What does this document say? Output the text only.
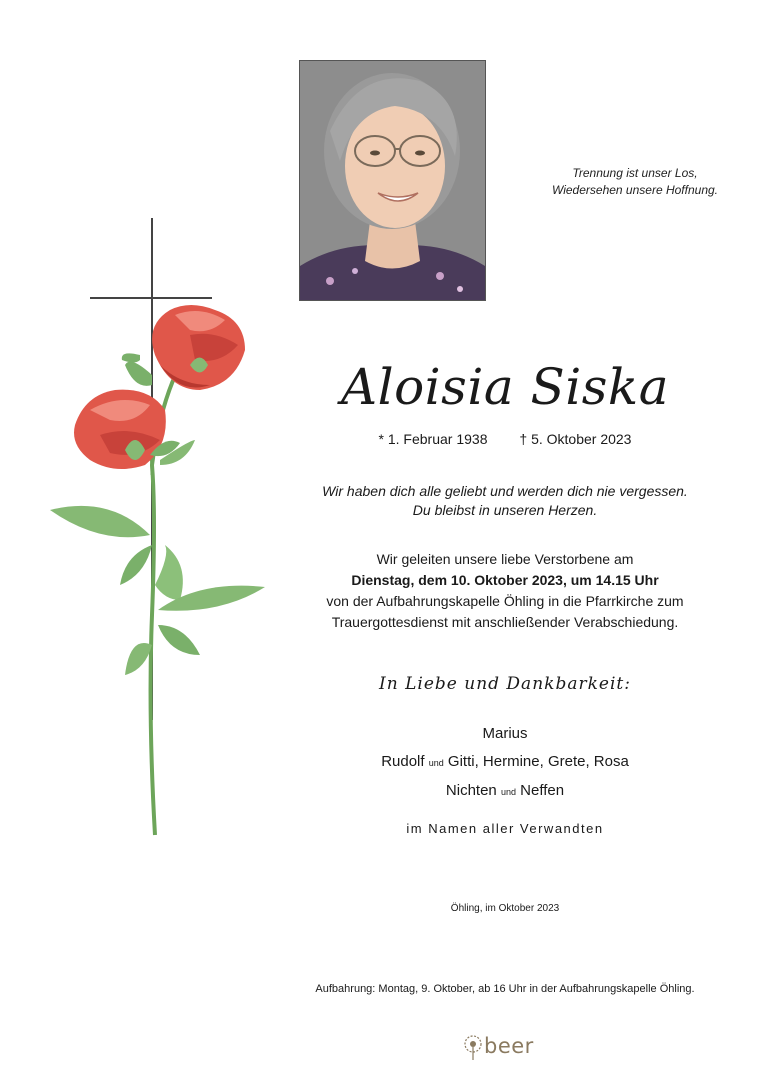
Trennung ist unser Los,
Wiedersehen unsere Hoffnung.
Aloisia Siska
* 1. Februar 1938 † 5. Oktober 2023
Wir haben dich alle geliebt und werden dich nie vergessen.
Du bleibst in unseren Herzen.
Wir geleiten unsere liebe Verstorbene am
Dienstag, dem 10. Oktober 2023, um 14.15 Uhr
von der Aufbahrungskapelle Öhling in die Pfarrkirche zum
Trauergottesdienst mit anschließender Verabschiedung.
In Liebe und Dankbarkeit:
Marius
Rudolf und Gitti, Hermine, Grete, Rosa
Nichten und Neffen
im Namen aller Verwandten
Öhling, im Oktober 2023
Aufbahrung: Montag, 9. Oktober, ab 16 Uhr in der Aufbahrungskapelle Öhling.
beer
